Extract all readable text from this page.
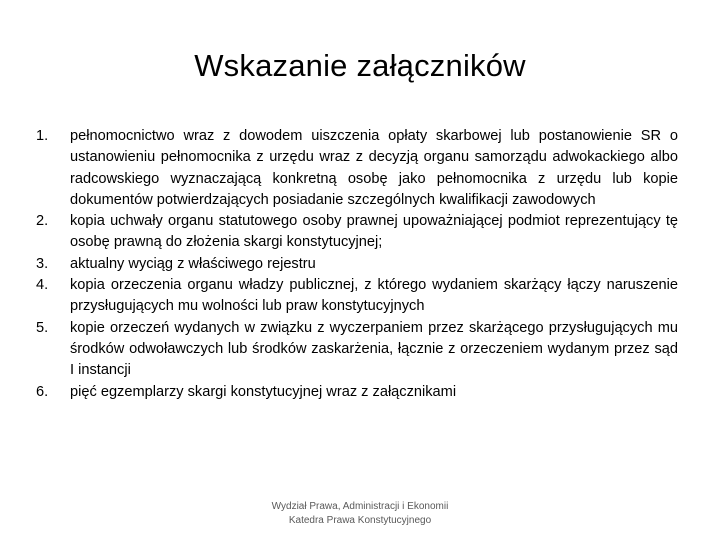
Wskazanie załączników
1.	pełnomocnictwo wraz z dowodem uiszczenia opłaty skarbowej lub postanowienie SR o ustanowieniu pełnomocnika z urzędu wraz z decyzją organu samorządu adwokackiego albo radcowskiego wyznaczającą konkretną osobę jako pełnomocnika z urzędu lub kopie dokumentów potwierdzających posiadanie szczególnych kwalifikacji zawodowych
2.	kopia uchwały organu statutowego osoby prawnej upoważniającej podmiot reprezentujący tę osobę prawną do złożenia skargi konstytucyjnej;
3.	aktualny wyciąg z właściwego rejestru
4.	kopia orzeczenia organu władzy publicznej, z którego wydaniem skarżący łączy naruszenie przysługujących mu wolności lub praw konstytucyjnych
5.	kopie orzeczeń wydanych w związku z wyczerpaniem przez skarżącego przysługujących mu środków odwoławczych lub środków zaskarżenia, łącznie z orzeczeniem wydanym przez sąd I instancji
6.	pięć egzemplarzy skargi konstytucyjnej wraz z załącznikami
Wydział Prawa, Administracji i Ekonomii
Katedra Prawa Konstytucyjnego
